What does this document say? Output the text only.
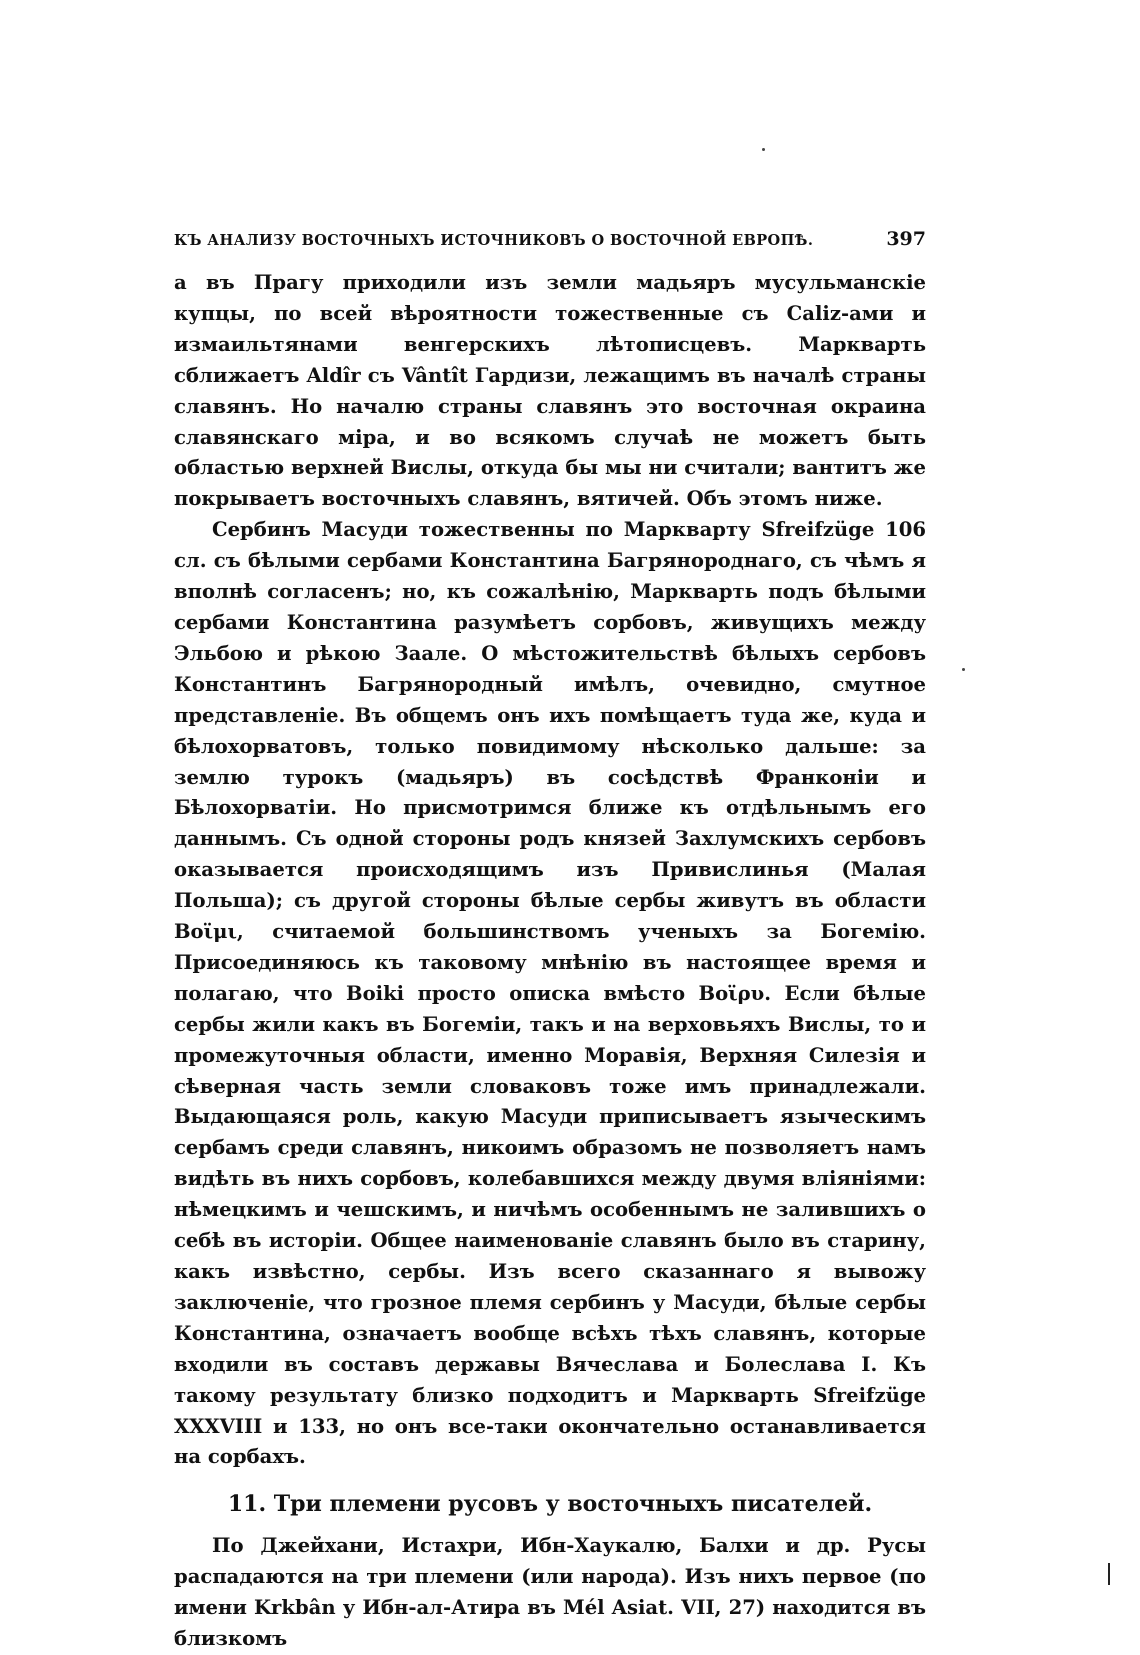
КЪ АНАЛИЗУ ВОСТОЧНЫХЪ ИСТОЧНИКОВЪ О ВОСТОЧНОЙ ЕВРОПѢ.	397

а въ Прагу приходили изъ земли мадьяръ мусульманскіе купцы, по всей вѣроятности тожественные съ Caliz-ами и измаильтянами венгерскихъ лѣтописцевъ. Маркварть сближаетъ Aldîr съ Vântît Гардизи, лежащимъ въ началѣ страны славянъ. Но началю страны славянъ это восточная окраина славянскаго міра, и во всякомъ случаѣ не можетъ быть областью верхней Вислы, откуда бы мы ни считали; вантитъ же покрываетъ восточныхъ славянъ, вятичей. Объ этомъ ниже.

Сербинъ Масуди тожественны по Маркварту Sfreifzüge 106 сл. съ бѣлыми сербами Константина Багрянороднаго, съ чѣмъ я вполнѣ согласенъ; но, къ сожалѣнію, Маркварть подъ бѣлыми сербами Константина разумѣетъ сорбовъ, живущихъ между Эльбою и рѣкою Заале. О мѣстожительствѣ бѣлыхъ сербовъ Константинъ Багрянородный имѣлъ, очевидно, смутное представленіе. Въ общемъ онъ ихъ помѣщаетъ туда же, куда и бѣлохорватовъ, только повидимому нѣсколько дальше: за землю турокъ (мадьяръ) въ сосѣдствѣ Франконіи и Бѣлохорватіи. Но присмотримся ближе къ отдѣльнымъ его даннымъ. Съ одной стороны родъ князей Захлумскихъ сербовъ оказывается происходящимъ изъ Привислинья (Малая Польша); съ другой стороны бѣлые сербы живутъ въ области Βοϊμι, считаемой большинствомъ ученыхъ за Богемію. Присоединяюсь къ таковому мнѣнію въ настоящее время и полагаю, что Boiki просто описка вмѣсто Βοϊρυ. Если бѣлые сербы жили какъ въ Богеміи, такъ и на верховьяхъ Вислы, то и промежуточныя области, именно Моравія, Верхняя Силезія и сѣверная часть земли словаковъ тоже имъ принадлежали. Выдающаяся роль, какую Масуди приписываетъ языческимъ сербамъ среди славянъ, никоимъ образомъ не позволяетъ намъ видѣть въ нихъ сорбовъ, колебавшихся между двумя вліяніями: нѣмецкимъ и чешскимъ, и ничѣмъ особеннымъ не залившихъ о себѣ въ исторіи. Общее наименованіе славянъ было въ старину, какъ извѣстно, сербы. Изъ всего сказаннаго я вывожу заключеніе, что грозное племя сербинъ у Масуди, бѣлые сербы Константина, означаетъ вообще всѣхъ тѣхъ славянъ, которые входили въ составъ державы Вячеслава и Болеслава I. Къ такому результату близко подходитъ и Маркварть Sfreifzüge XXXVIII и 133, но онъ все-таки окончательно останавливается на сорбахъ.

11. Три племени русовъ у восточныхъ писателей.

По Джейхани, Истахри, Ибн-Хаукалю, Балхи и др. Русы распадаются на три племени (или народа). Изъ нихъ первое (по имени Krkbân у Ибн-ал-Атира въ Mél Asiat. VII, 27) находится въ близкомъ
